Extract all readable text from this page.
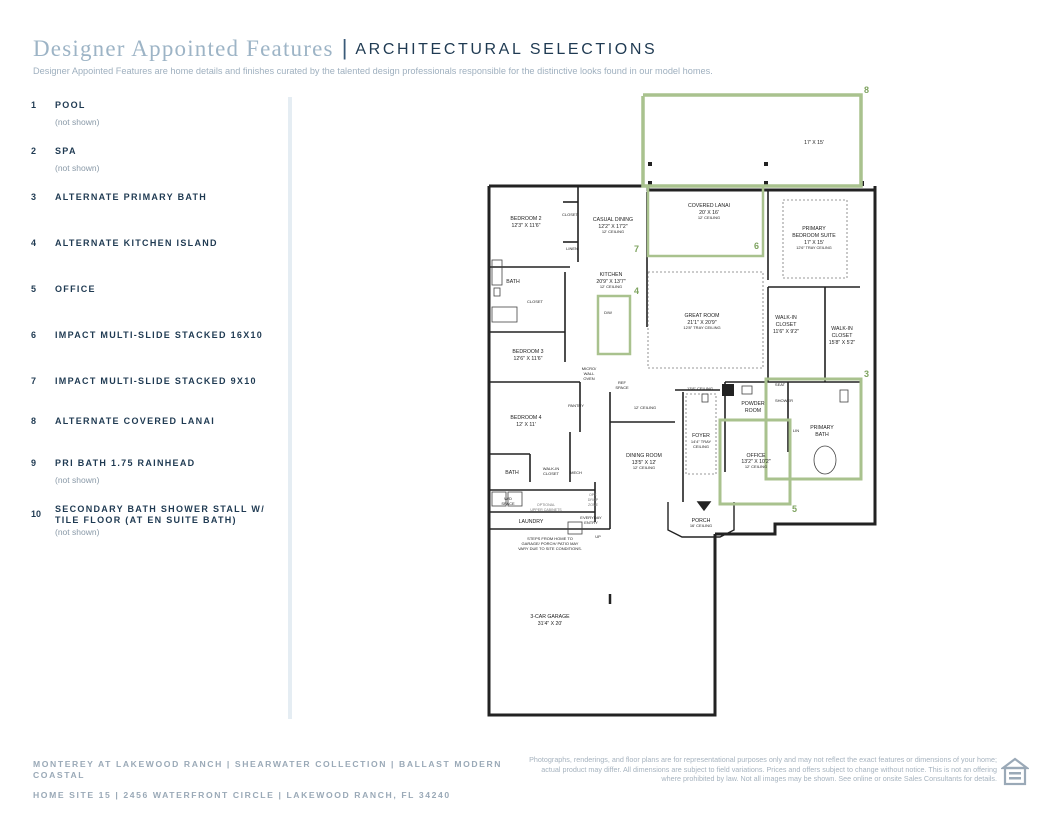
Designer Appointed Features | ARCHITECTURAL SELECTIONS
Designer Appointed Features are home details and finishes curated by the talented design professionals responsible for the distinctive looks found in our model homes.
1 POOL
(not shown)
2 SPA
(not shown)
3 ALTERNATE PRIMARY BATH
4 ALTERNATE KITCHEN ISLAND
5 OFFICE
6 IMPACT MULTI-SLIDE STACKED 16X10
7 IMPACT MULTI-SLIDE STACKED 9X10
8 ALTERNATE COVERED LANAI
9 PRI BATH 1.75 RAINHEAD
(not shown)
10 SECONDARY BATH SHOWER STALL W/ TILE FLOOR (AT EN SUITE BATH)
(not shown)
8
7	6
4
3
5
17' X 15'
BEDROOM 2
12'3" X 11'6"
CLOSET
CASUAL DINING
12'2" X 17'2"
12' CEILING
COVERED LANAI
20' X 16'
12' CEILING
PRIMARY
BEDROOM SUITE
17' X 15'
12'6" TRAY CEILING
LINEN
KITCHEN
20'9" X 13'7"
12' CEILING
D/W
BATH
CLOSET
GREAT ROOM
21'1" X 20'9"
12'8" TRAY CEILING
WALK-IN
CLOSET
11'6" X 9'2"	WALK-IN
CLOSET
15'8" X 5'2"
BEDROOM 3
12'6" X 11'6"
MICRO/
WALL
OVEN
REF
SPACE	13'8" CEILING
SEAT
SHOWER
POWDER
ROOM
BEDROOM 4
12' X 11'
PANTRY	12' CEILING
FOYER
14'4" TRAY
CEILING
LIN PRIMARY
BATH
OFFICE
13'2" X 10'2"
12' CEILING
DINING ROOM
13'5" X 12'
12' CEILING
BATH
WALK-IN
CLOSET	MECH
W/D
SPACE	OPTIONAL
UPPER CABINETS
OPT.
DROP
ZONE
LAUNDRY
EVERYDAY
ENTRY	PORCH
16' CEILING
UP
STEPS FROM HOME TO
GARAGE/ PORCH/ PATIO MAY
VARY DUE TO SITE CONDITIONS.
3-CAR GARAGE
31'4" X 20'
MONTEREY AT LAKEWOOD RANCH | SHEARWATER COLLECTION | BALLAST MODERN COASTAL
HOME SITE 15 | 2456 WATERFRONT CIRCLE | LAKEWOOD RANCH, FL 34240
Photographs, renderings, and floor plans are for representational purposes only and may not reflect the exact features or dimensions of your home; actual product may differ. All dimensions are subject to field variations. Prices and offers subject to change without notice. This is not an offering where prohibited by law. Not all images may be shown. See online or onsite Sales Consultants for details.
